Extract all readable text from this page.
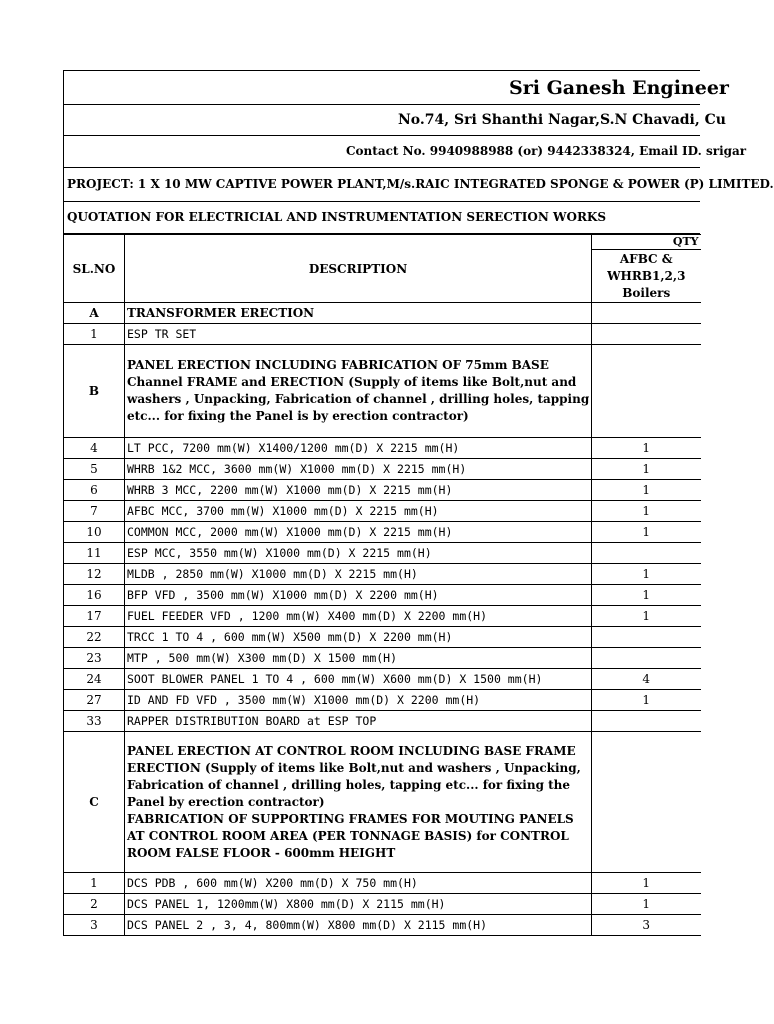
Sri Ganesh Engineer
No.74, Sri Shanthi Nagar,S.N Chavadi, Cu
Contact No. 9940988988 (or) 9442338324, Email ID. srigar
PROJECT: 1 X 10 MW CAPTIVE POWER PLANT,M/s.RAIC INTEGRATED SPONGE & POWER (P) LIMITED.
QUOTATION FOR ELECTRICIAL AND INSTRUMENTATION SERECTION WORKS
SL.NO	DESCRIPTION	QTY
AFBC &
WHRB1,2,3
Boilers

A	TRANSFORMER ERECTION	
1	ESP TR SET	
B	PANEL ERECTION INCLUDING FABRICATION OF 75mm BASE Channel FRAME and ERECTION (Supply of items like Bolt,nut and washers , Unpacking, Fabrication of channel , drilling holes, tapping etc... for fixing the Panel is by erection contractor)	

4	LT PCC, 7200 mm(W) X1400/1200 mm(D) X 2215 mm(H)	1
5	WHRB 1&2 MCC, 3600 mm(W) X1000 mm(D) X 2215 mm(H)	1
6	WHRB 3 MCC, 2200 mm(W) X1000 mm(D) X 2215 mm(H)	1
7	AFBC MCC, 3700 mm(W) X1000 mm(D) X 2215 mm(H)	1
10	COMMON MCC, 2000 mm(W) X1000 mm(D) X 2215 mm(H)	1
11	ESP MCC, 3550 mm(W) X1000 mm(D) X 2215 mm(H)	
12	MLDB , 2850 mm(W) X1000 mm(D) X 2215 mm(H)	1
16	BFP VFD , 3500 mm(W) X1000 mm(D) X 2200 mm(H)	1
17	FUEL FEEDER VFD , 1200 mm(W) X400 mm(D) X 2200 mm(H)	1
22	TRCC 1 TO 4 , 600 mm(W) X500 mm(D) X 2200 mm(H)	
23	MTP , 500 mm(W) X300 mm(D) X 1500 mm(H)	
24	SOOT BLOWER PANEL 1 TO 4 , 600 mm(W) X600 mm(D) X 1500 mm(H)	4
27	ID AND FD VFD , 3500 mm(W) X1000 mm(D) X 2200 mm(H)	1
33	RAPPER DISTRIBUTION BOARD at ESP TOP	
C	PANEL ERECTION AT CONTROL ROOM INCLUDING BASE FRAME ERECTION (Supply of items like Bolt,nut and washers , Unpacking, Fabrication of channel , drilling holes, tapping etc... for fixing the Panel by erection contractor)
FABRICATION OF SUPPORTING FRAMES FOR MOUTING PANELS AT CONTROL ROOM AREA (PER TONNAGE BASIS) for CONTROL ROOM FALSE FLOOR - 600mm HEIGHT	

1	DCS PDB , 600 mm(W) X200 mm(D) X 750 mm(H)	1
2	DCS PANEL 1, 1200mm(W) X800 mm(D) X 2115 mm(H)	1
3	DCS PANEL 2 , 3, 4, 800mm(W) X800 mm(D) X 2115 mm(H)	3
